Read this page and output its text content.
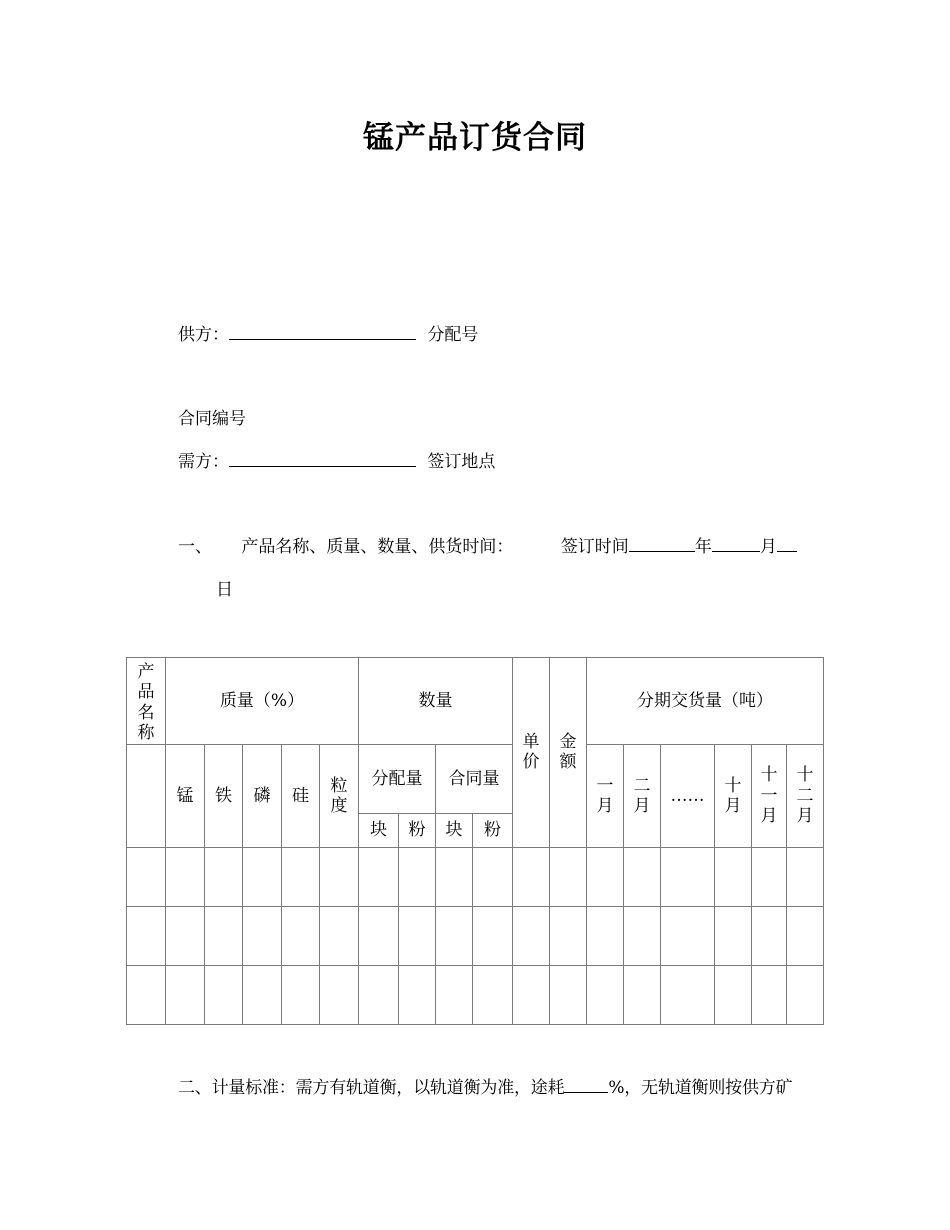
锰产品订货合同
供方：	分配号
合同编号
需方：	签订地点
一、 产品名称、质量、数量、供货时间：	签订时间	年	月
日
产品名称	质量（%）					数量				单价	金额	分期交货量（吨）					
	锰	铁	磷	硅	粒度	分配量		合同量				一月	二月	……	十月	十一月	十二月
						块	粉	块	粉								

二、计量标准：需方有轨道衡，以轨道衡为准，途耗	%，无轨道衡则按供方矿
